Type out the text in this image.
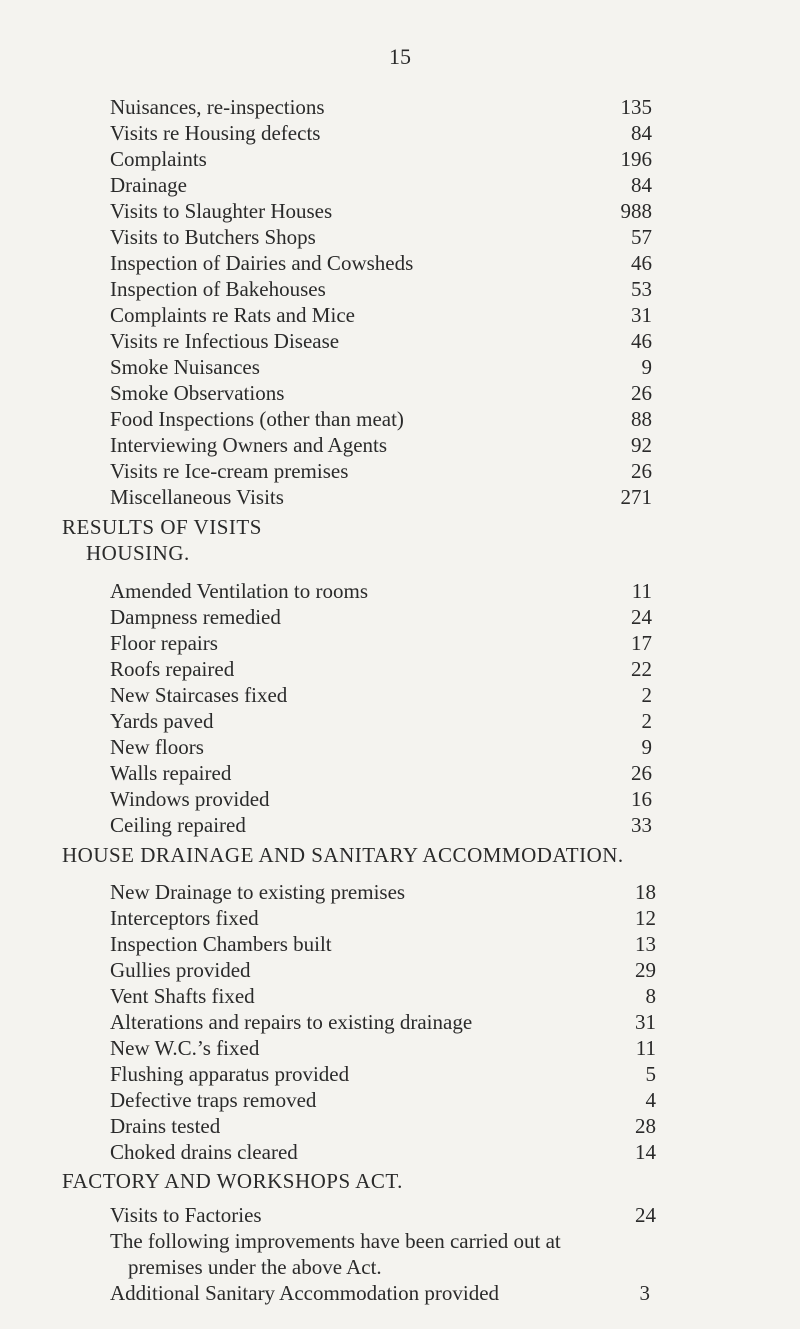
15
Nuisances, re-inspections	135
Visits re Housing defects	84
Complaints	196
Drainage	84
Visits to Slaughter Houses	988
Visits to Butchers Shops	57
Inspection of Dairies and Cowsheds	46
Inspection of Bakehouses	53
Complaints re Rats and Mice	31
Visits re Infectious Disease	46
Smoke Nuisances	9
Smoke Observations	26
Food Inspections (other than meat)	88
Interviewing Owners and Agents	92
Visits re Ice-cream premises	26
Miscellaneous Visits	271
RESULTS OF VISITS
HOUSING.
Amended Ventilation to rooms	11
Dampness remedied	24
Floor repairs	17
Roofs repaired	22
New Staircases fixed	2
Yards paved	2
New floors	9
Walls repaired	26
Windows provided	16
Ceiling repaired	33
HOUSE DRAINAGE AND SANITARY ACCOMMODATION.
New Drainage to existing premises	18
Interceptors fixed	12
Inspection Chambers built	13
Gullies provided	29
Vent Shafts fixed	8
Alterations and repairs to existing drainage	31
New W.C.’s fixed	11
Flushing apparatus provided	5
Defective traps removed	4
Drains tested	28
Choked drains cleared	14
FACTORY AND WORKSHOPS ACT.
Visits to Factories	24
The following improvements have been carried out at
premises under the above Act.
Additional Sanitary Accommodation provided	3
